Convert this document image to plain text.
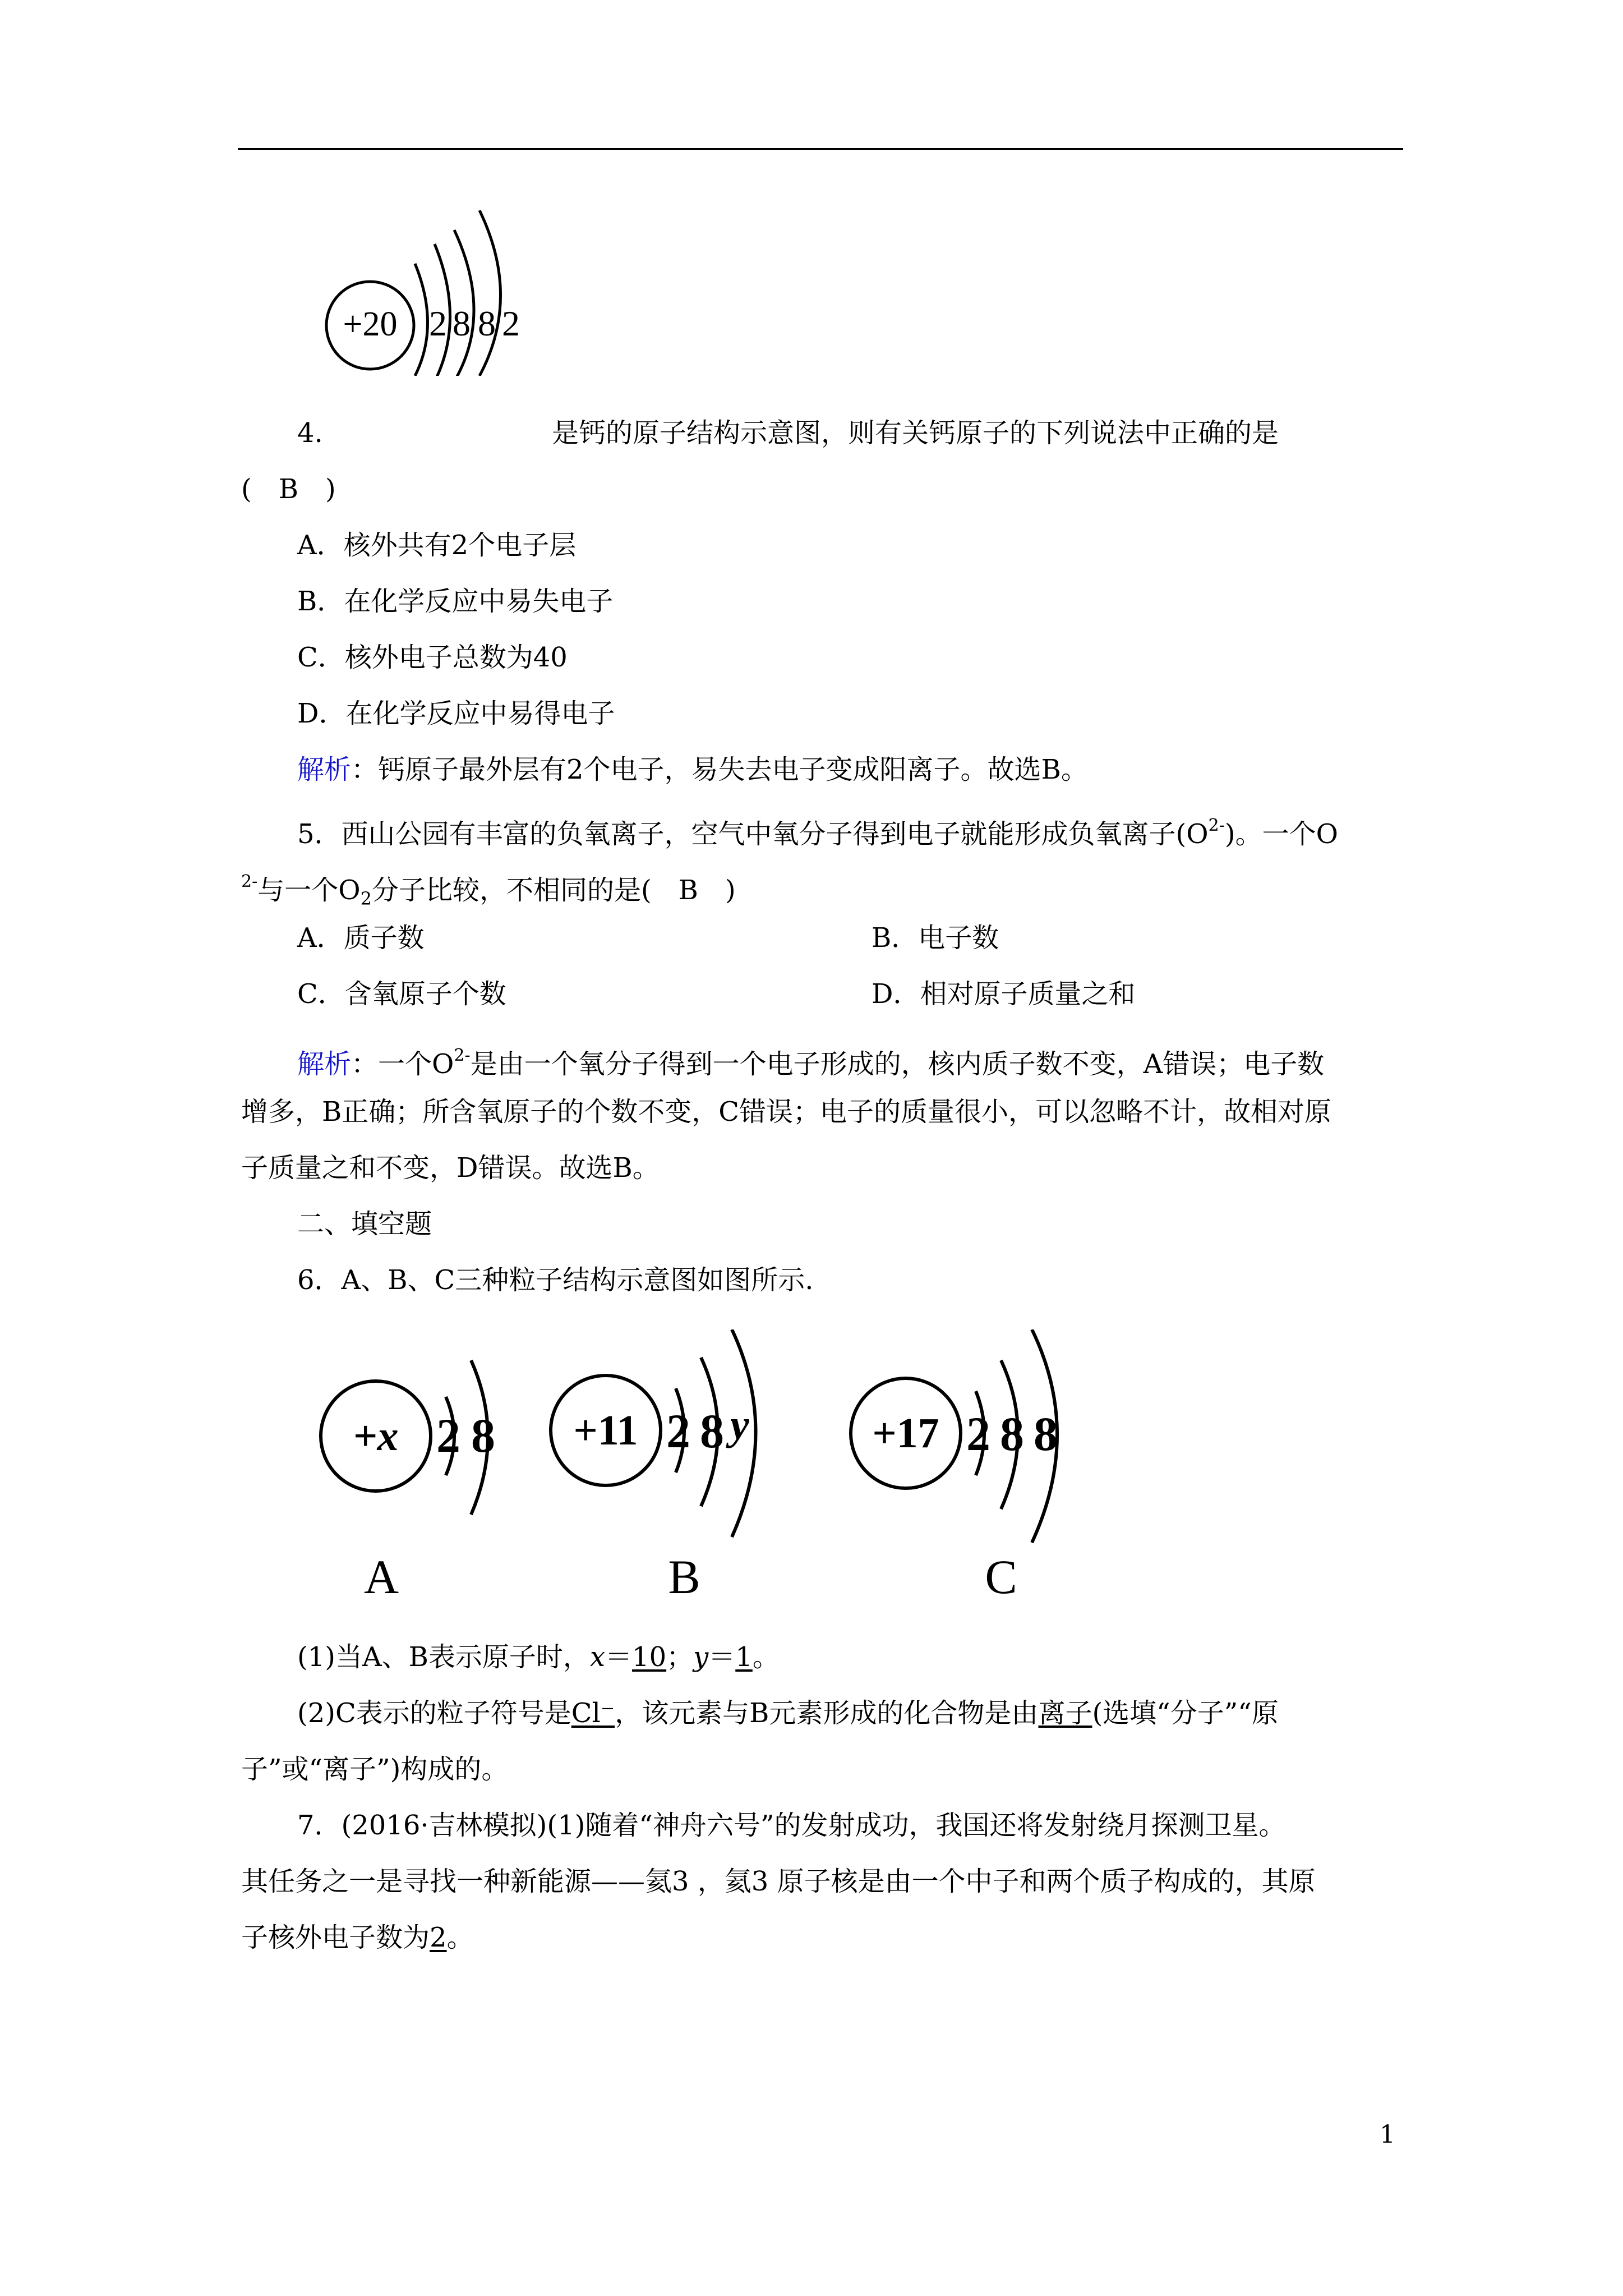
+20 2 8 8 2
4.	是钙的原子结构示意图，则有关钙原子的下列说法中正确的是
(　B　)
A．核外共有2个电子层
B．在化学反应中易失电子
C．核外电子总数为40
D．在化学反应中易得电子
解析：钙原子最外层有2个电子，易失去电子变成阳离子。故选B。
5．西山公园有丰富的负氧离子，空气中氧分子得到电子就能形成负氧离子$(O^{2-})$。一个O
$^{2-}$与一个$O_2$分子比较，不相同的是(　B　)
A．质子数	B．电子数
C．含氧原子个数	D．相对原子质量之和
解析：一个$O^{2-}$是由一个氧分子得到一个电子形成的，核内质子数不变，A错误；电子数
增多，B正确；所含氧原子的个数不变，C错误；电子的质量很小，可以忽略不计，故相对原
子质量之和不变，D错误。故选B。
二、填空题
6．A、B、C三种粒子结构示意图如图所示.
+x 2 8
A
+11 2 8 y
B
+17 2 8 8
C
(1)当A、B表示原子时，x＝10；y＝1。
(2)C表示的粒子符号是Cl⁻，该元素与B元素形成的化合物是由离子(选填“分子”“原
子”或“离子”)构成的。
7．(2016·吉林模拟)(1)随着“神舟六号”的发射成功，我国还将发射绕月探测卫星。
其任务之一是寻找一种新能源——氦3 ，氦3 原子核是由一个中子和两个质子构成的，其原
子核外电子数为2。
1
